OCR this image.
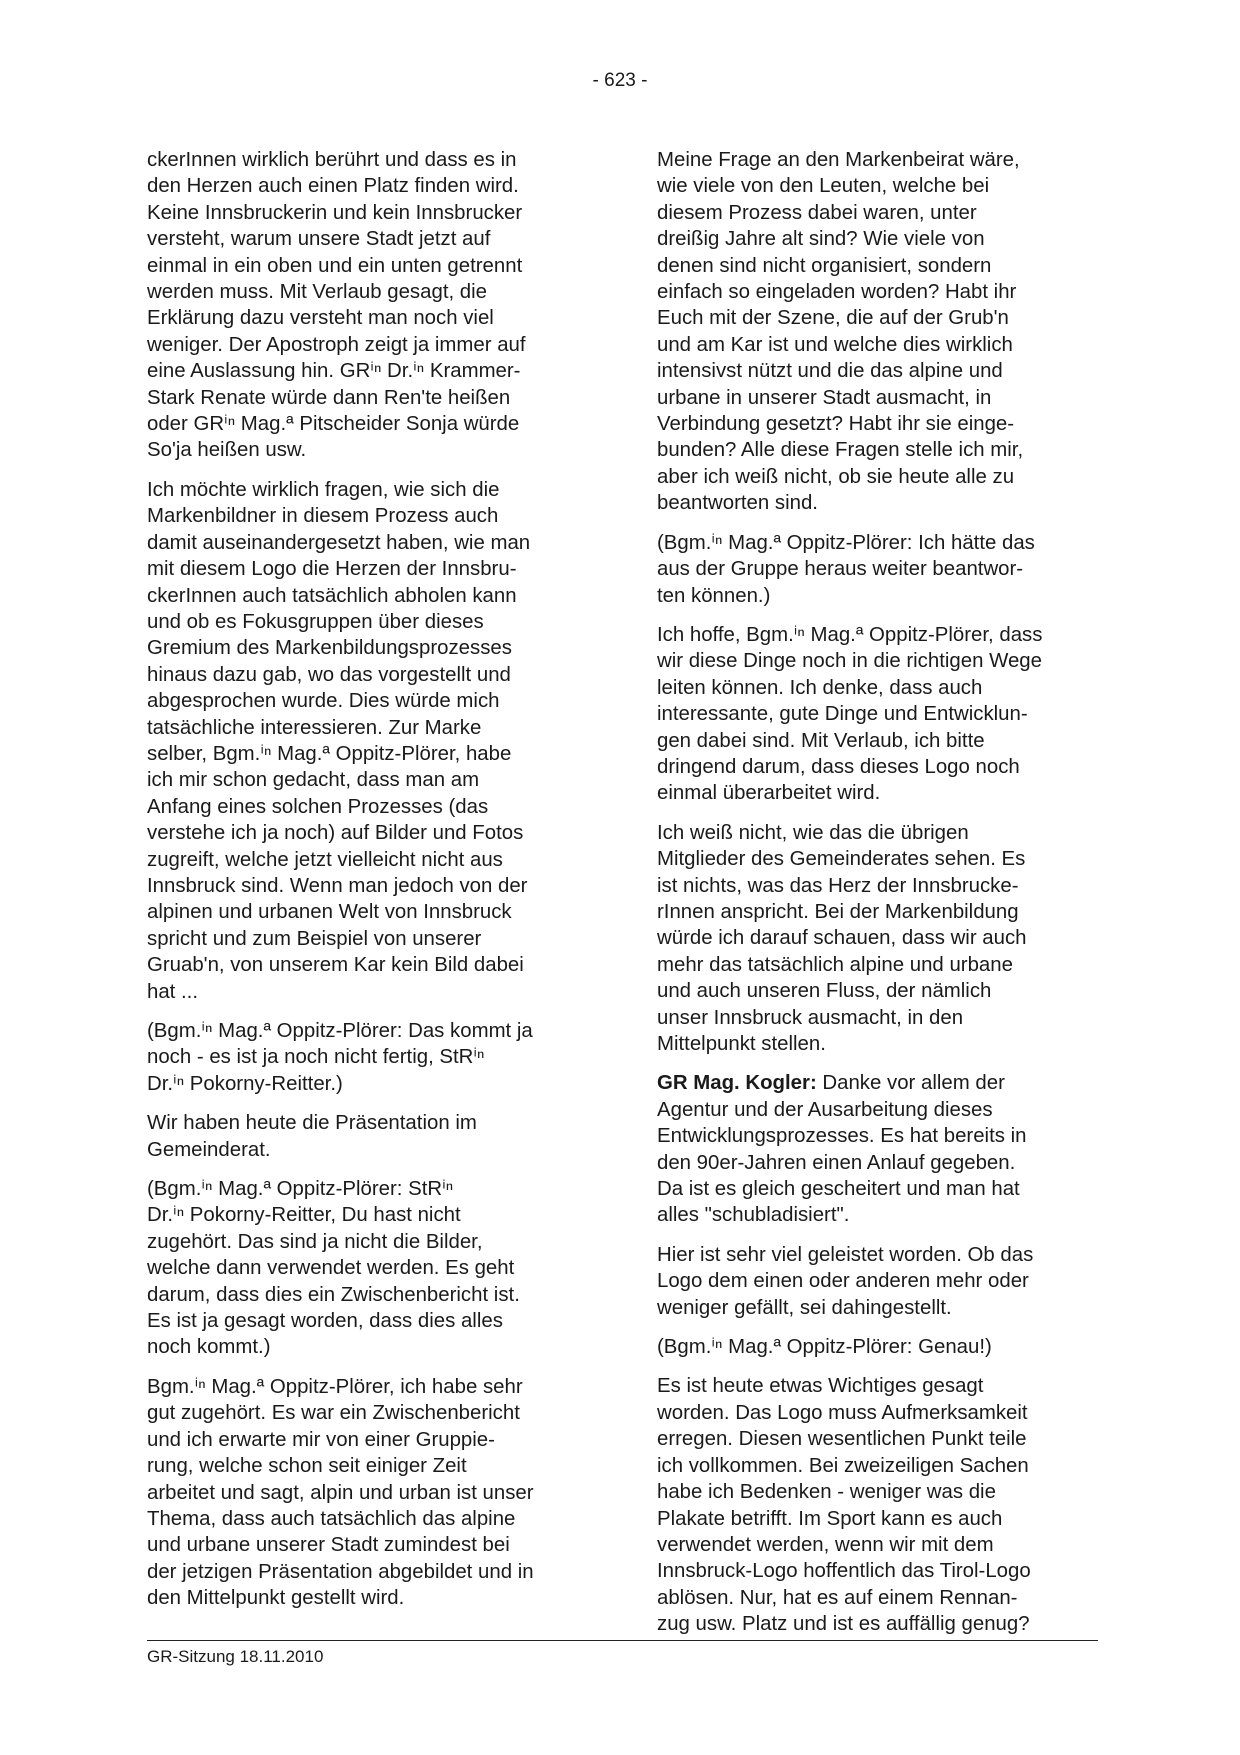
- 623 -

ckerInnen wirklich berührt und dass es in
den Herzen auch einen Platz finden wird.
Keine Innsbruckerin und kein Innsbrucker
versteht, warum unsere Stadt jetzt auf
einmal in ein oben und ein unten getrennt
werden muss. Mit Verlaub gesagt, die
Erklärung dazu versteht man noch viel
weniger. Der Apostroph zeigt ja immer auf
eine Auslassung hin. GRⁱⁿ Dr.ⁱⁿ Krammer-
Stark Renate würde dann Ren'te heißen
oder GRⁱⁿ Mag.ª Pitscheider Sonja würde
So'ja heißen usw.

Ich möchte wirklich fragen, wie sich die
Markenbildner in diesem Prozess auch
damit auseinandergesetzt haben, wie man
mit diesem Logo die Herzen der Innsbru-
ckerInnen auch tatsächlich abholen kann
und ob es Fokusgruppen über dieses
Gremium des Markenbildungsprozesses
hinaus dazu gab, wo das vorgestellt und
abgesprochen wurde. Dies würde mich
tatsächliche interessieren. Zur Marke
selber, Bgm.ⁱⁿ Mag.ª Oppitz-Plörer, habe
ich mir schon gedacht, dass man am
Anfang eines solchen Prozesses (das
verstehe ich ja noch) auf Bilder und Fotos
zugreift, welche jetzt vielleicht nicht aus
Innsbruck sind. Wenn man jedoch von der
alpinen und urbanen Welt von Innsbruck
spricht und zum Beispiel von unserer
Gruab'n, von unserem Kar kein Bild dabei
hat ...

(Bgm.ⁱⁿ Mag.ª Oppitz-Plörer: Das kommt ja
noch - es ist ja noch nicht fertig, StRⁱⁿ
Dr.ⁱⁿ Pokorny-Reitter.)

Wir haben heute die Präsentation im
Gemeinderat.

(Bgm.ⁱⁿ Mag.ª Oppitz-Plörer: StRⁱⁿ
Dr.ⁱⁿ Pokorny-Reitter, Du hast nicht
zugehört. Das sind ja nicht die Bilder,
welche dann verwendet werden. Es geht
darum, dass dies ein Zwischenbericht ist.
Es ist ja gesagt worden, dass dies alles
noch kommt.)

Bgm.ⁱⁿ Mag.ª Oppitz-Plörer, ich habe sehr
gut zugehört. Es war ein Zwischenbericht
und ich erwarte mir von einer Gruppie-
rung, welche schon seit einiger Zeit
arbeitet und sagt, alpin und urban ist unser
Thema, dass auch tatsächlich das alpine
und urbane unserer Stadt zumindest bei
der jetzigen Präsentation abgebildet und in
den Mittelpunkt gestellt wird.

Meine Frage an den Markenbeirat wäre,
wie viele von den Leuten, welche bei
diesem Prozess dabei waren, unter
dreißig Jahre alt sind? Wie viele von
denen sind nicht organisiert, sondern
einfach so eingeladen worden? Habt ihr
Euch mit der Szene, die auf der Grub'n
und am Kar ist und welche dies wirklich
intensivst nützt und die das alpine und
urbane in unserer Stadt ausmacht, in
Verbindung gesetzt? Habt ihr sie einge-
bunden? Alle diese Fragen stelle ich mir,
aber ich weiß nicht, ob sie heute alle zu
beantworten sind.

(Bgm.ⁱⁿ Mag.ª Oppitz-Plörer: Ich hätte das
aus der Gruppe heraus weiter beantwor-
ten können.)

Ich hoffe, Bgm.ⁱⁿ Mag.ª Oppitz-Plörer, dass
wir diese Dinge noch in die richtigen Wege
leiten können. Ich denke, dass auch
interessante, gute Dinge und Entwicklun-
gen dabei sind. Mit Verlaub, ich bitte
dringend darum, dass dieses Logo noch
einmal überarbeitet wird.

Ich weiß nicht, wie das die übrigen
Mitglieder des Gemeinderates sehen. Es
ist nichts, was das Herz der Innsbrucke-
rInnen anspricht. Bei der Markenbildung
würde ich darauf schauen, dass wir auch
mehr das tatsächlich alpine und urbane
und auch unseren Fluss, der nämlich
unser Innsbruck ausmacht, in den
Mittelpunkt stellen.

GR Mag. Kogler: Danke vor allem der
Agentur und der Ausarbeitung dieses
Entwicklungsprozesses. Es hat bereits in
den 90er-Jahren einen Anlauf gegeben.
Da ist es gleich gescheitert und man hat
alles "schubladisiert".

Hier ist sehr viel geleistet worden. Ob das
Logo dem einen oder anderen mehr oder
weniger gefällt, sei dahingestellt.

(Bgm.ⁱⁿ Mag.ª Oppitz-Plörer: Genau!)

Es ist heute etwas Wichtiges gesagt
worden. Das Logo muss Aufmerksamkeit
erregen. Diesen wesentlichen Punkt teile
ich vollkommen. Bei zweizeiligen Sachen
habe ich Bedenken - weniger was die
Plakate betrifft. Im Sport kann es auch
verwendet werden, wenn wir mit dem
Innsbruck-Logo hoffentlich das Tirol-Logo
ablösen. Nur, hat es auf einem Rennan-
zug usw. Platz und ist es auffällig genug?

GR-Sitzung 18.11.2010
